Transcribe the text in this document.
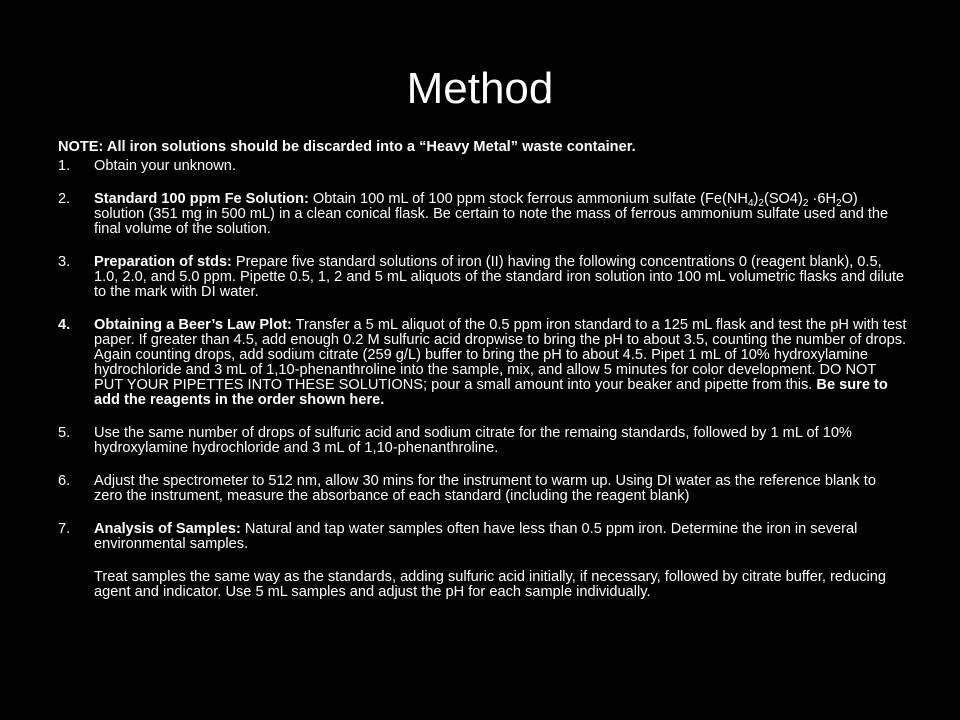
Method

NOTE: All iron solutions should be discarded into a “Heavy Metal” waste container.

1. Obtain your unknown.
2. Standard 100 ppm Fe Solution: Obtain 100 mL of 100 ppm stock ferrous ammonium sulfate $(Fe(NH_4)_2(SO4)_2 \cdot 6H_2O)$ solution (351 mg in 500 mL) in a clean conical flask. Be certain to note the mass of ferrous ammonium sulfate used and the final volume of the solution.
3. Preparation of stds: Prepare five standard solutions of iron (II) having the following concentrations 0 (reagent blank), 0.5, 1.0, 2.0, and 5.0 ppm. Pipette 0.5, 1, 2 and 5 mL aliquots of the standard iron solution into 100 mL volumetric flasks and dilute to the mark with DI water.
4. Obtaining a Beer’s Law Plot: Transfer a 5 mL aliquot of the 0.5 ppm iron standard to a 125 mL flask and test the pH with test paper. If greater than 4.5, add enough 0.2 M sulfuric acid dropwise to bring the pH to about 3.5, counting the number of drops. Again counting drops, add sodium citrate (259 g/L) buffer to bring the pH to about 4.5. Pipet 1 mL of 10% hydroxylamine hydrochloride and 3 mL of 1,10-phenanthroline into the sample, mix, and allow 5 minutes for color development. DO NOT PUT YOUR PIPETTES INTO THESE SOLUTIONS; pour a small amount into your beaker and pipette from this. Be sure to add the reagents in the order shown here.
5. Use the same number of drops of sulfuric acid and sodium citrate for the remaing standards, followed by 1 mL of 10% hydroxylamine hydrochloride and 3 mL of 1,10-phenanthroline.
6. Adjust the spectrometer to 512 nm, allow 30 mins for the instrument to warm up. Using DI water as the reference blank to zero the instrument, measure the absorbance of each standard (including the reagent blank)
7. Analysis of Samples: Natural and tap water samples often have less than 0.5 ppm iron. Determine the iron in several environmental samples.

Treat samples the same way as the standards, adding sulfuric acid initially, if necessary, followed by citrate buffer, reducing agent and indicator. Use 5 mL samples and adjust the pH for each sample individually.
